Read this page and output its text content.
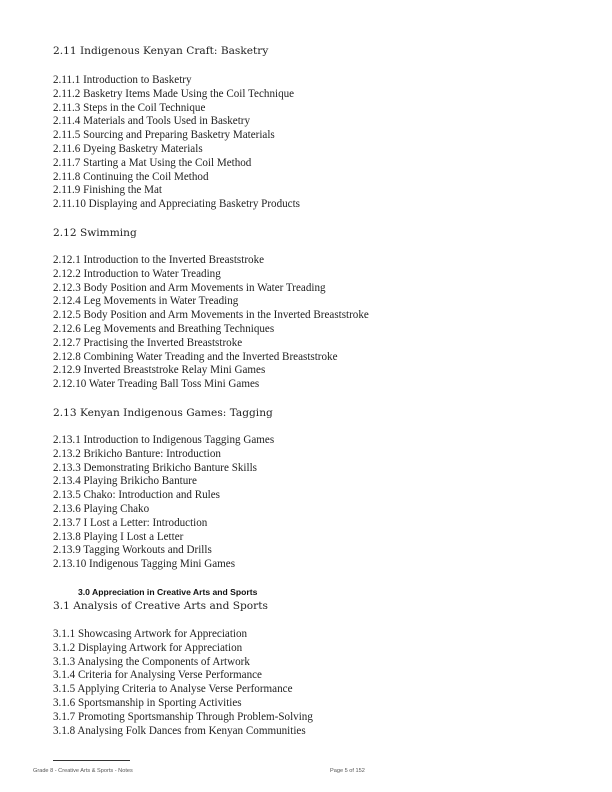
2.11 Indigenous Kenyan Craft: Basketry
2.11.1 Introduction to Basketry
2.11.2 Basketry Items Made Using the Coil Technique
2.11.3 Steps in the Coil Technique
2.11.4 Materials and Tools Used in Basketry
2.11.5 Sourcing and Preparing Basketry Materials
2.11.6 Dyeing Basketry Materials
2.11.7 Starting a Mat Using the Coil Method
2.11.8 Continuing the Coil Method
2.11.9 Finishing the Mat
2.11.10 Displaying and Appreciating Basketry Products
2.12 Swimming
2.12.1 Introduction to the Inverted Breaststroke
2.12.2 Introduction to Water Treading
2.12.3 Body Position and Arm Movements in Water Treading
2.12.4 Leg Movements in Water Treading
2.12.5 Body Position and Arm Movements in the Inverted Breaststroke
2.12.6 Leg Movements and Breathing Techniques
2.12.7 Practising the Inverted Breaststroke
2.12.8 Combining Water Treading and the Inverted Breaststroke
2.12.9 Inverted Breaststroke Relay Mini Games
2.12.10 Water Treading Ball Toss Mini Games
2.13 Kenyan Indigenous Games: Tagging
2.13.1 Introduction to Indigenous Tagging Games
2.13.2 Brikicho Banture: Introduction
2.13.3 Demonstrating Brikicho Banture Skills
2.13.4 Playing Brikicho Banture
2.13.5 Chako: Introduction and Rules
2.13.6 Playing Chako
2.13.7 I Lost a Letter: Introduction
2.13.8 Playing I Lost a Letter
2.13.9 Tagging Workouts and Drills
2.13.10 Indigenous Tagging Mini Games
3.0 Appreciation in Creative Arts and Sports
3.1 Analysis of Creative Arts and Sports
3.1.1 Showcasing Artwork for Appreciation
3.1.2 Displaying Artwork for Appreciation
3.1.3 Analysing the Components of Artwork
3.1.4 Criteria for Analysing Verse Performance
3.1.5 Applying Criteria to Analyse Verse Performance
3.1.6 Sportsmanship in Sporting Activities
3.1.7 Promoting Sportsmanship Through Problem-Solving
3.1.8 Analysing Folk Dances from Kenyan Communities
Grade 8 - Creative Arts & Sports - Notes	Page 5 of 152
